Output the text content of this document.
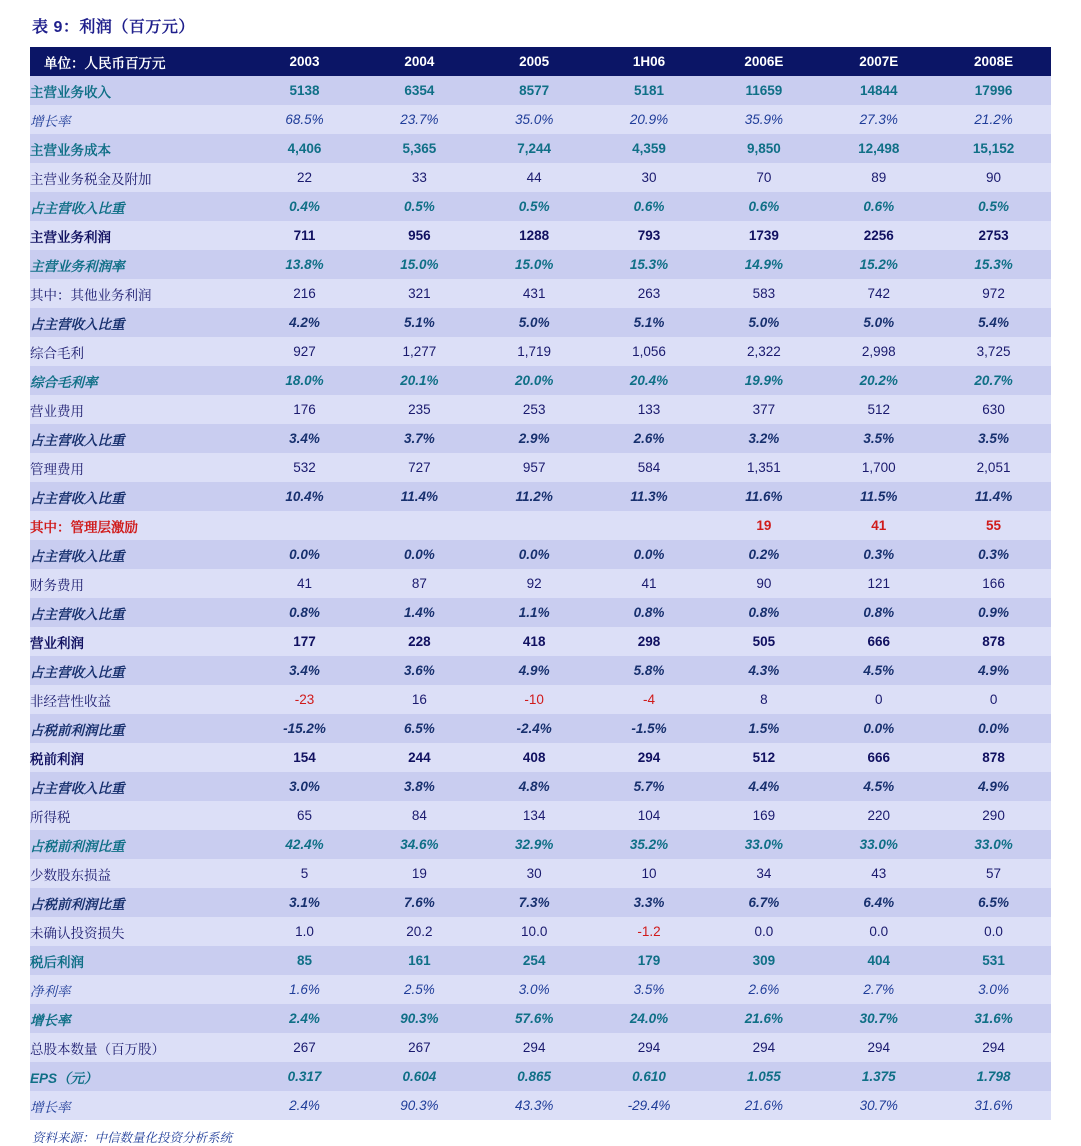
表 9：利润（百万元）
单位：人民币百万元	2003	2004	2005	1H06	2006E	2007E	2008E
主营业务收入	5138	6354	8577	5181	11659	14844	17996
增长率	68.5%	23.7%	35.0%	20.9%	35.9%	27.3%	21.2%
主营业务成本	4,406	5,365	7,244	4,359	9,850	12,498	15,152
主营业务税金及附加	22	33	44	30	70	89	90
占主营收入比重	0.4%	0.5%	0.5%	0.6%	0.6%	0.6%	0.5%
主营业务利润	711	956	1288	793	1739	2256	2753
主营业务利润率	13.8%	15.0%	15.0%	15.3%	14.9%	15.2%	15.3%
其中：其他业务利润	216	321	431	263	583	742	972
占主营收入比重	4.2%	5.1%	5.0%	5.1%	5.0%	5.0%	5.4%
综合毛利	927	1,277	1,719	1,056	2,322	2,998	3,725
综合毛利率	18.0%	20.1%	20.0%	20.4%	19.9%	20.2%	20.7%
营业费用	176	235	253	133	377	512	630
占主营收入比重	3.4%	3.7%	2.9%	2.6%	3.2%	3.5%	3.5%
管理费用	532	727	957	584	1,351	1,700	2,051
占主营收入比重	10.4%	11.4%	11.2%	11.3%	11.6%	11.5%	11.4%
其中：管理层激励					19	41	55
占主营收入比重	0.0%	0.0%	0.0%	0.0%	0.2%	0.3%	0.3%
财务费用	41	87	92	41	90	121	166
占主营收入比重	0.8%	1.4%	1.1%	0.8%	0.8%	0.8%	0.9%
营业利润	177	228	418	298	505	666	878
占主营收入比重	3.4%	3.6%	4.9%	5.8%	4.3%	4.5%	4.9%
非经营性收益	-23	16	-10	-4	8	0	0
占税前利润比重	-15.2%	6.5%	-2.4%	-1.5%	1.5%	0.0%	0.0%
税前利润	154	244	408	294	512	666	878
占主营收入比重	3.0%	3.8%	4.8%	5.7%	4.4%	4.5%	4.9%
所得税	65	84	134	104	169	220	290
占税前利润比重	42.4%	34.6%	32.9%	35.2%	33.0%	33.0%	33.0%
少数股东损益	5	19	30	10	34	43	57
占税前利润比重	3.1%	7.6%	7.3%	3.3%	6.7%	6.4%	6.5%
未确认投资损失	1.0	20.2	10.0	-1.2	0.0	0.0	0.0
税后利润	85	161	254	179	309	404	531
净利率	1.6%	2.5%	3.0%	3.5%	2.6%	2.7%	3.0%
增长率	2.4%	90.3%	57.6%	24.0%	21.6%	30.7%	31.6%
总股本数量（百万股）	267	267	294	294	294	294	294
EPS（元）	0.317	0.604	0.865	0.610	1.055	1.375	1.798
增长率	2.4%	90.3%	43.3%	-29.4%	21.6%	30.7%	31.6%
资料来源：中信数量化投资分析系统
